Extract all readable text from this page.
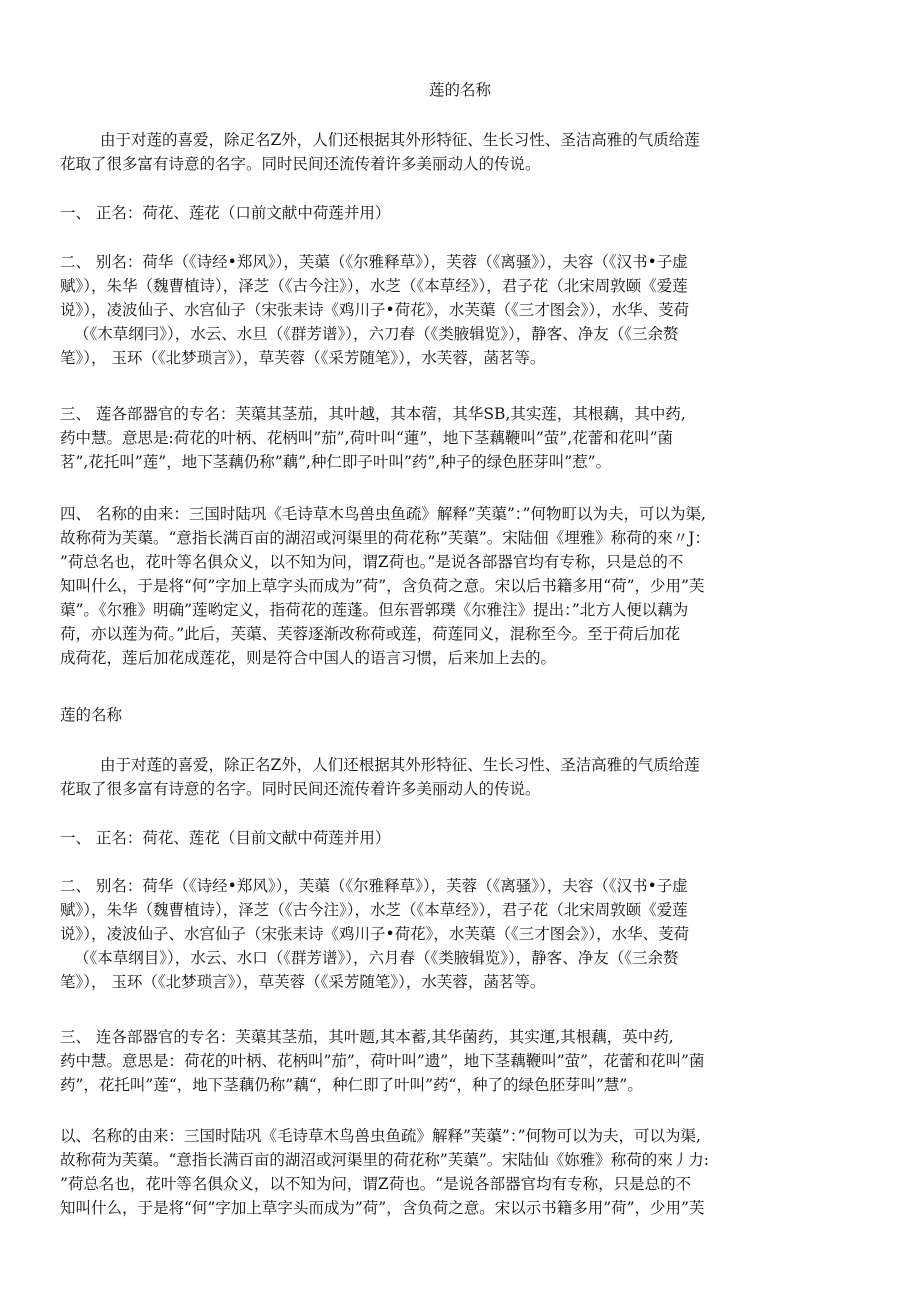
莲的名称
由于对莲的喜爱，除疋名Z外，人们还根据其外形特征、生长习性、圣洁高雅的气质给莲
花取了很多富有诗意的名字。同时民间还流传着许多美丽动人的传说。
一、 正名：荷花、莲花（口前文献中荷莲并用）
二、 别名：荷华（《诗经•郑风》），芙蕖（《尔雅释草》），芙蓉（《离骚》），夫容（《汉书•子虚
赋》），朱华（魏曹植诗），泽芝（《古今注》），水芝（《本草经》），君子花（北宋周敦颐《爱莲
说》），凌波仙子、水宫仙子（宋张耒诗《鸡川子•荷花》，水芙蕖（《三才图会》），水华、芰荷
（《木草纲冃》），水云、水旦（《群芳谱》），六刀春（《类腋辑览》），静客、净友（《三余赘
笔》）， 玉环（《北梦琐言》），草芙蓉（《采芳随笔》），水芙蓉，菡茗等。
三、 莲各部器官的专名：芙蕖其茎茄，其叶越，其本蓿，其华SB,其实莲，其根藕，其中药,
药中慧。意思是:荷花的叶柄、花柄叫”茄”,荷叶叫“蓮”，地下茎藕鞭叫”萤”,花蕾和花叫”菌
茗”,花托叫”莲”，地下茎藕仍称”藕”,种仁即子叶叫”药”,种子的绿色胚芽叫”惹”。
四、 名称的由来：三国时陆巩《毛诗草木鸟兽虫鱼疏》解释”芙蕖”：”何物町以为夫，可以为渠,
故称荷为芙蕖。“意指长满百亩的湖沼或河渠里的荷花称”芙蕖”。宋陆佃《埋雅》称荷的來〃J：
”荷总名也，花叶等名俱众义，以不知为问，谓Z荷也。”是说各部器官均有专称，只是总的不
知叫什么，于是将“何”字加上草字头而成为”荷”，含负荷之意。宋以后书籍多用“荷”，少用”芙
蕖”。《尔雅》明确”莲哟定义，指荷花的莲蓬。但东晋郭璞《尔雅注》提出：”北方人便以藕为
荷，亦以莲为荷。”此后，芙蕖、芙蓉逐渐改称荷或莲，荷莲同义，混称至今。至于荷后加花
成荷花，莲后加花成莲花，则是符合中国人的语言习惯，后来加上去的。
莲的名称
由于对莲的喜爱，除正名Z外，人们还根据其外形特征、生长习性、圣洁高雅的气质给莲
花取了很多富有诗意的名字。同时民间还流传着许多美丽动人的传说。
一、 正名：荷花、莲花（目前文献中荷莲并用）
二、 别名：荷华（《诗经•郑风》），芙蕖（《尔雅释草》），芙蓉（《离骚》），夫容（《汉书•子虚
赋》），朱华（魏曹植诗），泽芝（《古今注》），水芝（《本草经》），君子花（北宋周敦颐《爱莲
说》），凌波仙子、水宫仙子（宋张耒诗《鸡川子•荷花》，水芙蕖（《三才图会》），水华、芰荷
（《本草纲目》），水云、水口（《群芳谱》），六月春（《类腋辑览》），静客、净友（《三余赘
笔》）， 玉环（《北梦琐言》），草芙蓉（《采芳随笔》），水芙蓉，菡茗等。
三、 连各部器官的专名：芙蕖其茎茄，其叶题,其本蓄,其华菌药，其实運,其根藕，英中药,
药中慧。意思是：荷花的叶柄、花柄叫”茄”，荷叶叫”遗”，地下茎藕鞭叫”萤”，花蕾和花叫”菌
药”，花托叫”莲“，地下茎藕仍称”藕“，种仁即了叶叫”药“，种了的绿色胚芽叫”慧”。
以、名称的由来：三国时陆巩《毛诗草木鸟兽虫鱼疏》解释”芙蕖”：”何物可以为夫，可以为渠,
故称荷为芙蕖。“意指长满百亩的湖沼或河渠里的荷花称”芙蕖”。宋陆仙《妳雅》称荷的來丿力:
”荷总名也，花叶等名俱众义，以不知为问，谓Z荷也。“是说各部器官均有专称，只是总的不
知叫什么，于是将“何”字加上草字头而成为”荷”，含负荷之意。宋以示书籍多用”荷”，少用”芙
